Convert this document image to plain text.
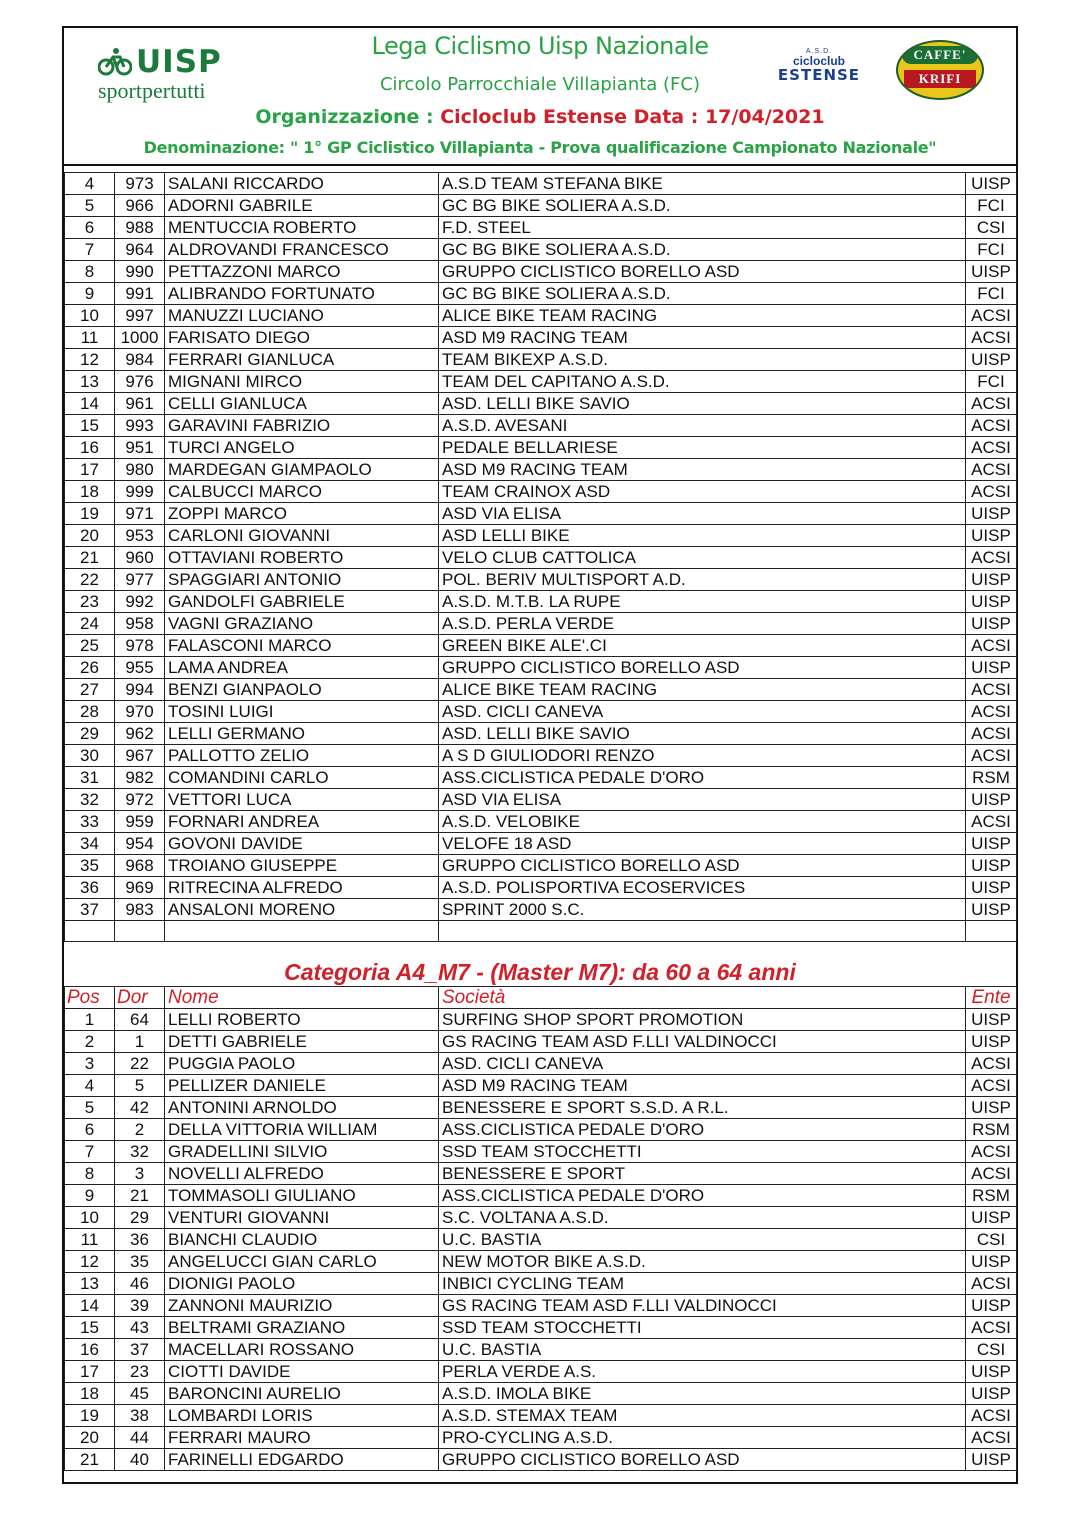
UISP
sportpertutti
Lega Ciclismo Uisp Nazionale
Circolo Parrocchiale Villapianta (FC)
Organizzazione : Cicloclub Estense Data : 17/04/2021
Denominazione: " 1° GP Ciclistico Villapianta - Prova qualificazione Campionato Nazionale"
A.S.D.
cicloclub
ESTENSE
CAFFE'
KRIFI
4	973	SALANI RICCARDO	A.S.D TEAM STEFANA BIKE	UISP
5	966	ADORNI GABRILE	GC BG BIKE SOLIERA A.S.D.	FCI
6	988	MENTUCCIA ROBERTO	F.D. STEEL	CSI
7	964	ALDROVANDI FRANCESCO	GC BG BIKE SOLIERA A.S.D.	FCI
8	990	PETTAZZONI MARCO	GRUPPO CICLISTICO BORELLO ASD	UISP
9	991	ALIBRANDO FORTUNATO	GC BG BIKE SOLIERA A.S.D.	FCI
10	997	MANUZZI LUCIANO	ALICE BIKE TEAM RACING	ACSI
11	1000	FARISATO DIEGO	ASD M9 RACING TEAM	ACSI
12	984	FERRARI GIANLUCA	TEAM BIKEXP A.S.D.	UISP
13	976	MIGNANI MIRCO	TEAM DEL CAPITANO A.S.D.	FCI
14	961	CELLI GIANLUCA	ASD. LELLI BIKE SAVIO	ACSI
15	993	GARAVINI FABRIZIO	A.S.D. AVESANI	ACSI
16	951	TURCI ANGELO	PEDALE BELLARIESE	ACSI
17	980	MARDEGAN GIAMPAOLO	ASD M9 RACING TEAM	ACSI
18	999	CALBUCCI MARCO	TEAM CRAINOX ASD	ACSI
19	971	ZOPPI MARCO	ASD VIA ELISA	UISP
20	953	CARLONI GIOVANNI	ASD LELLI BIKE	UISP
21	960	OTTAVIANI ROBERTO	VELO CLUB CATTOLICA	ACSI
22	977	SPAGGIARI ANTONIO	POL. BERIV MULTISPORT A.D.	UISP
23	992	GANDOLFI GABRIELE	A.S.D. M.T.B. LA RUPE	UISP
24	958	VAGNI GRAZIANO	A.S.D. PERLA VERDE	UISP
25	978	FALASCONI MARCO	GREEN BIKE ALE'.CI	ACSI
26	955	LAMA ANDREA	GRUPPO CICLISTICO BORELLO ASD	UISP
27	994	BENZI GIANPAOLO	ALICE BIKE TEAM RACING	ACSI
28	970	TOSINI LUIGI	ASD. CICLI CANEVA	ACSI
29	962	LELLI GERMANO	ASD. LELLI BIKE SAVIO	ACSI
30	967	PALLOTTO ZELIO	A S D GIULIODORI RENZO	ACSI
31	982	COMANDINI CARLO	ASS.CICLISTICA PEDALE D'ORO	RSM
32	972	VETTORI LUCA	ASD VIA ELISA	UISP
33	959	FORNARI ANDREA	A.S.D. VELOBIKE	ACSI
34	954	GOVONI DAVIDE	VELOFE 18 ASD	UISP
35	968	TROIANO GIUSEPPE	GRUPPO CICLISTICO BORELLO ASD	UISP
36	969	RITRECINA ALFREDO	A.S.D. POLISPORTIVA ECOSERVICES	UISP
37	983	ANSALONI MORENO	SPRINT 2000 S.C.	UISP

Categoria A4_M7 - (Master M7): da 60 a 64 anni
Pos	Dor	Nome	Società	Ente
1	64	LELLI ROBERTO	SURFING SHOP SPORT PROMOTION	UISP
2	1	DETTI GABRIELE	GS RACING TEAM ASD F.LLI VALDINOCCI	UISP
3	22	PUGGIA PAOLO	ASD. CICLI CANEVA	ACSI
4	5	PELLIZER DANIELE	ASD M9 RACING TEAM	ACSI
5	42	ANTONINI ARNOLDO	BENESSERE E SPORT S.S.D. A R.L.	UISP
6	2	DELLA VITTORIA WILLIAM	ASS.CICLISTICA PEDALE D'ORO	RSM
7	32	GRADELLINI SILVIO	SSD TEAM STOCCHETTI	ACSI
8	3	NOVELLI ALFREDO	BENESSERE E SPORT	ACSI
9	21	TOMMASOLI GIULIANO	ASS.CICLISTICA PEDALE D'ORO	RSM
10	29	VENTURI GIOVANNI	S.C. VOLTANA A.S.D.	UISP
11	36	BIANCHI CLAUDIO	U.C. BASTIA	CSI
12	35	ANGELUCCI GIAN CARLO	NEW MOTOR BIKE A.S.D.	UISP
13	46	DIONIGI PAOLO	INBICI CYCLING TEAM	ACSI
14	39	ZANNONI MAURIZIO	GS RACING TEAM ASD F.LLI VALDINOCCI	UISP
15	43	BELTRAMI GRAZIANO	SSD TEAM STOCCHETTI	ACSI
16	37	MACELLARI ROSSANO	U.C. BASTIA	CSI
17	23	CIOTTI DAVIDE	PERLA VERDE A.S.	UISP
18	45	BARONCINI AURELIO	A.S.D. IMOLA BIKE	UISP
19	38	LOMBARDI LORIS	A.S.D. STEMAX TEAM	ACSI
20	44	FERRARI MAURO	PRO-CYCLING A.S.D.	ACSI
21	40	FARINELLI EDGARDO	GRUPPO CICLISTICO BORELLO ASD	UISP
